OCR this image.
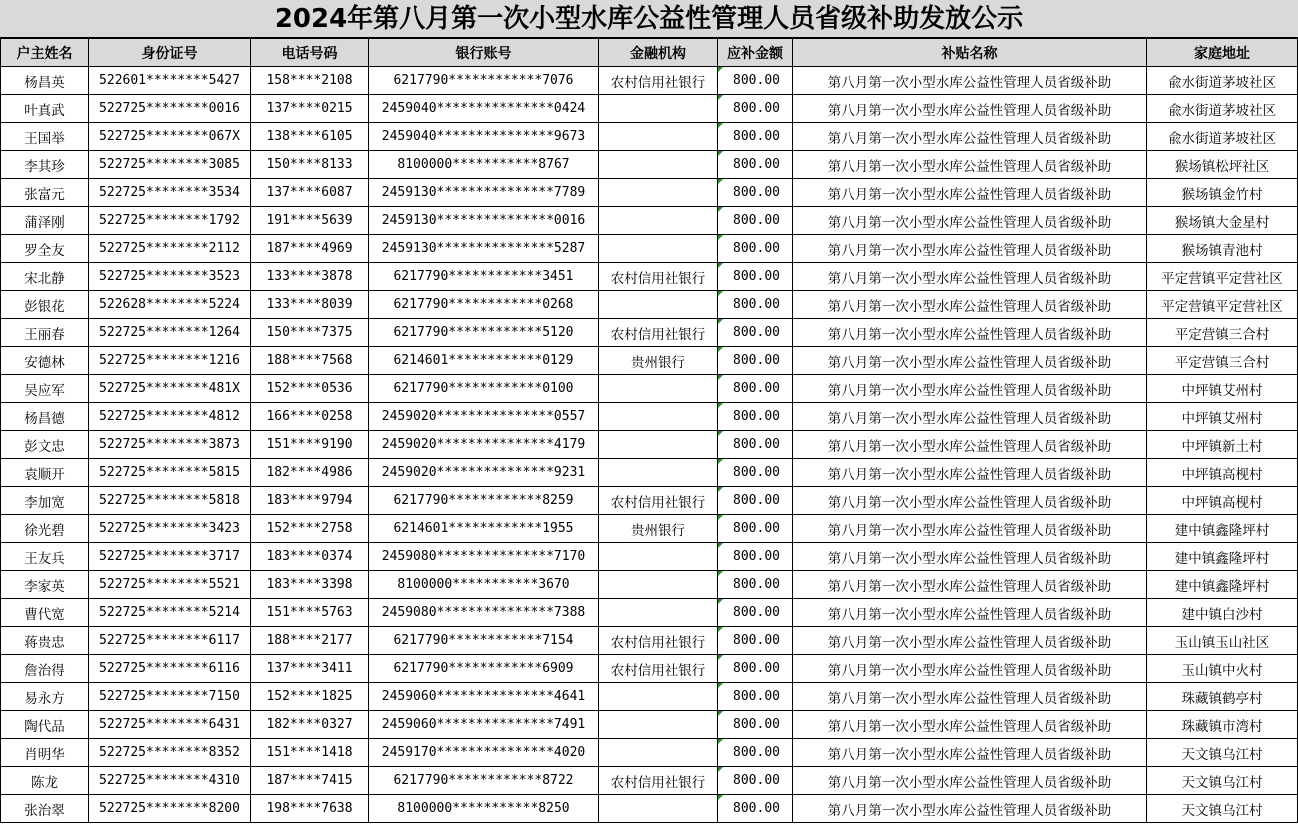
2024年第八月第一次小型水库公益性管理人员省级补助发放公示
户主姓名	身份证号	电话号码	银行账号	金融机构	应补金额	补贴名称	家庭地址
杨昌英	522601********5427	158****2108	6217790************7076	农村信用社银行	800.00	第八月第一次小型水库公益性管理人员省级补助	兪水街道茅坡社区
叶真武	522725********0016	137****0215	2459040***************0424		800.00	第八月第一次小型水库公益性管理人员省级补助	兪水街道茅坡社区
王国举	522725********067X	138****6105	2459040***************9673		800.00	第八月第一次小型水库公益性管理人员省级补助	兪水街道茅坡社区
李其珍	522725********3085	150****8133	8100000***********8767		800.00	第八月第一次小型水库公益性管理人员省级补助	猴场镇松坪社区
张富元	522725********3534	137****6087	2459130***************7789		800.00	第八月第一次小型水库公益性管理人员省级补助	猴场镇金竹村
蒲泽刚	522725********1792	191****5639	2459130***************0016		800.00	第八月第一次小型水库公益性管理人员省级补助	猴场镇大金星村
罗全友	522725********2112	187****4969	2459130***************5287		800.00	第八月第一次小型水库公益性管理人员省级补助	猴场镇青池村
宋北静	522725********3523	133****3878	6217790************3451	农村信用社银行	800.00	第八月第一次小型水库公益性管理人员省级补助	平定营镇平定营社区
彭银花	522628********5224	133****8039	6217790************0268		800.00	第八月第一次小型水库公益性管理人员省级补助	平定营镇平定营社区
王丽春	522725********1264	150****7375	6217790************5120	农村信用社银行	800.00	第八月第一次小型水库公益性管理人员省级补助	平定营镇三合村
安德林	522725********1216	188****7568	6214601************0129	贵州银行	800.00	第八月第一次小型水库公益性管理人员省级补助	平定营镇三合村
吴应军	522725********481X	152****0536	6217790************0100		800.00	第八月第一次小型水库公益性管理人员省级补助	中坪镇艾州村
杨昌德	522725********4812	166****0258	2459020***************0557		800.00	第八月第一次小型水库公益性管理人员省级补助	中坪镇艾州村
彭文忠	522725********3873	151****9190	2459020***************4179		800.00	第八月第一次小型水库公益性管理人员省级补助	中坪镇新土村
袁顺开	522725********5815	182****4986	2459020***************9231		800.00	第八月第一次小型水库公益性管理人员省级补助	中坪镇高枧村
李加宽	522725********5818	183****9794	6217790************8259	农村信用社银行	800.00	第八月第一次小型水库公益性管理人员省级补助	中坪镇高枧村
徐光碧	522725********3423	152****2758	6214601************1955	贵州银行	800.00	第八月第一次小型水库公益性管理人员省级补助	建中镇鑫隆坪村
王友兵	522725********3717	183****0374	2459080***************7170		800.00	第八月第一次小型水库公益性管理人员省级补助	建中镇鑫隆坪村
李家英	522725********5521	183****3398	8100000***********3670		800.00	第八月第一次小型水库公益性管理人员省级补助	建中镇鑫隆坪村
曹代宽	522725********5214	151****5763	2459080***************7388		800.00	第八月第一次小型水库公益性管理人员省级补助	建中镇白沙村
蒋贵忠	522725********6117	188****2177	6217790************7154	农村信用社银行	800.00	第八月第一次小型水库公益性管理人员省级补助	玉山镇玉山社区
詹治得	522725********6116	137****3411	6217790************6909	农村信用社银行	800.00	第八月第一次小型水库公益性管理人员省级补助	玉山镇中火村
易永方	522725********7150	152****1825	2459060***************4641		800.00	第八月第一次小型水库公益性管理人员省级补助	珠藏镇鹤亭村
陶代品	522725********6431	182****0327	2459060***************7491		800.00	第八月第一次小型水库公益性管理人员省级补助	珠藏镇市湾村
肖明华	522725********8352	151****1418	2459170***************4020		800.00	第八月第一次小型水库公益性管理人员省级补助	天文镇乌江村
陈龙	522725********4310	187****7415	6217790************8722	农村信用社银行	800.00	第八月第一次小型水库公益性管理人员省级补助	天文镇乌江村
张治翠	522725********8200	198****7638	8100000***********8250		800.00	第八月第一次小型水库公益性管理人员省级补助	天文镇乌江村
